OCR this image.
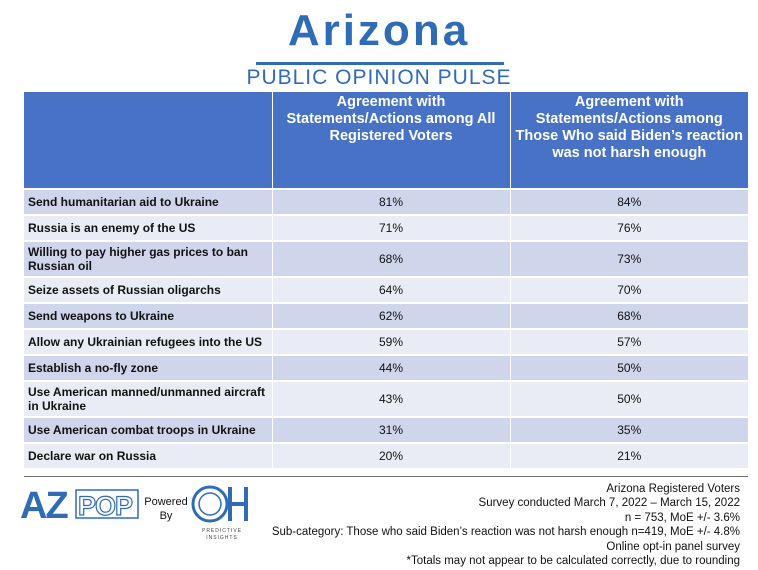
Arizona
PUBLIC OPINION PULSE
	Agreement with Statements/Actions among All Registered Voters	Agreement with Statements/Actions among Those Who said Biden’s reaction was not harsh enough
Send humanitarian aid to Ukraine	81%	84%
Russia is an enemy of the US	71%	76%
Willing to pay higher gas prices to ban Russian oil	68%	73%
Seize assets of Russian oligarchs	64%	70%
Send weapons to Ukraine	62%	68%
Allow any Ukrainian refugees into the US	59%	57%
Establish a no-fly zone	44%	50%
Use American manned/unmanned aircraft in Ukraine	43%	50%
Use American combat troops in Ukraine	31%	35%
Declare war on Russia	20%	21%
AZ POP Powered
By
PREDICTIVE
INSIGHTS
Arizona Registered Voters
Survey conducted March 7, 2022 – March 15, 2022
n = 753, MoE +/- 3.6%
Sub-category: Those who said Biden’s reaction was not harsh enough n=419, MoE +/- 4.8%
Online opt-in panel survey
*Totals may not appear to be calculated correctly, due to rounding
